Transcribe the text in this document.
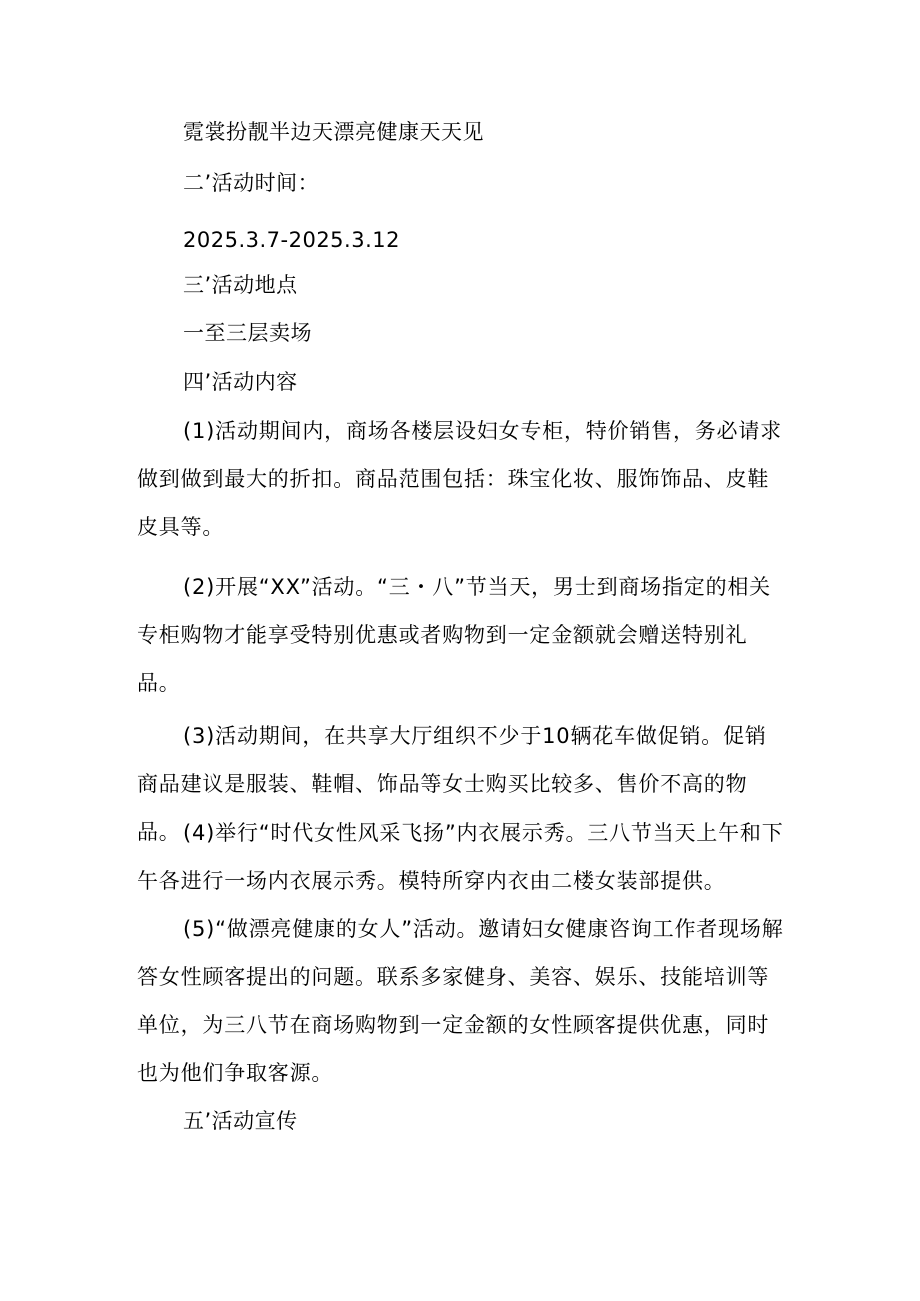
霓裳扮靓半边天漂亮健康天天见
二’活动时间：
2025.3.7-2025.3.12
三’活动地点
一至三层卖场
四’活动内容

(1)活动期间内，商场各楼层设妇女专柜，特价销售，务必请求做到做到最大的折扣。商品范围包括：珠宝化妆、服饰饰品、皮鞋皮具等。

(2)开展“XX”活动。“三・八”节当天，男士到商场指定的相关专柜购物才能享受特别优惠或者购物到一定金额就会赠送特别礼品。

(3)活动期间，在共享大厅组织不少于10辆花车做促销。促销商品建议是服装、鞋帽、饰品等女士购买比较多、售价不高的物品。 (4)举行“时代女性风采飞扬”内衣展示秀。三八节当天上午和下午各进行一场内衣展示秀。模特所穿内衣由二楼女装部提供。

(5)“做漂亮健康的女人”活动。邀请妇女健康咨询工作者现场解答女性顾客提出的问题。联系多家健身、美容、娱乐、技能培训等单位，为三八节在商场购物到一定金额的女性顾客提供优惠，同时也为他们争取客源。

五’活动宣传
